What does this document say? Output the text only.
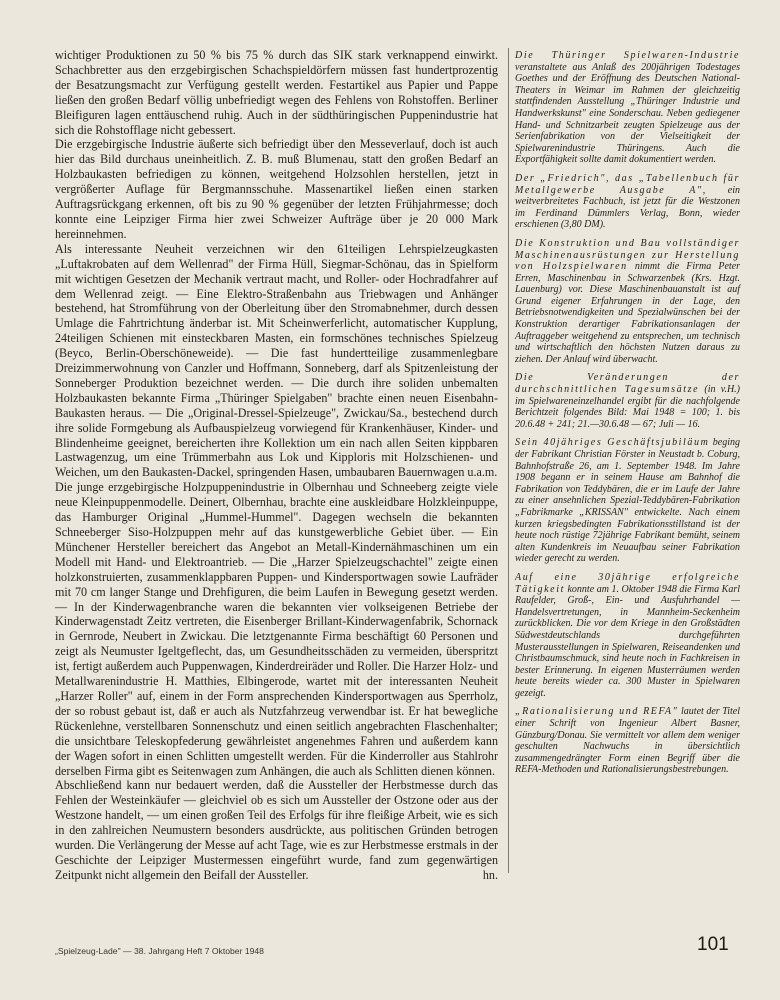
wichtiger Produktionen zu 50 % bis 75 % durch das SIK stark verknappend einwirkt. Schachbretter aus den erzgebirgischen Schachspieldörfern müssen fast hundertprozentig der Besatzungsmacht zur Verfügung gestellt werden. Festartikel aus Papier und Pappe ließen den großen Bedarf völlig unbefriedigt wegen des Fehlens von Rohstoffen. Berliner Bleifiguren lagen enttäuschend ruhig. Auch in der südthüringischen Puppenindustrie hat sich die Rohstofflage nicht gebessert.

Die erzgebirgische Industrie äußerte sich befriedigt über den Messeverlauf, doch ist auch hier das Bild durchaus uneinheitlich. Z. B. muß Blumenau, statt den großen Bedarf an Holzbaukasten befriedigen zu können, weitgehend Holzsohlen herstellen, jetzt in vergrößerter Auflage für Bergmannsschuhe. Massenartikel ließen einen starken Auftragsrückgang erkennen, oft bis zu 90 % gegenüber der letzten Frühjahrmesse; doch konnte eine Leipziger Firma hier zwei Schweizer Aufträge über je 20 000 Mark hereinnehmen.

Als interessante Neuheit verzeichnen wir den 61teiligen Lehrspielzeugkasten „Luftakrobaten auf dem Wellenrad" der Firma Hüll, Siegmar-Schönau, das in Spielform mit wichtigen Gesetzen der Mechanik vertraut macht, und Roller- oder Hochradfahrer auf dem Wellenrad zeigt. — Eine Elektro-Straßenbahn aus Triebwagen und Anhänger bestehend, hat Stromführung von der Oberleitung über den Stromabnehmer, durch dessen Umlage die Fahrtrichtung änderbar ist. Mit Scheinwerferlicht, automatischer Kupplung, 24teiligen Schienen mit einsteckbaren Masten, ein formschönes technisches Spielzeug (Beyco, Berlin-Oberschöneweide). — Die fast hundertteilige zusammenlegbare Dreizimmerwohnung von Canzler und Hoffmann, Sonneberg, darf als Spitzenleistung der Sonneberger Produktion bezeichnet werden. — Die durch ihre soliden unbemalten Holzbaukasten bekannte Firma „Thüringer Spielgaben" brachte einen neuen Eisenbahn-Baukasten heraus. — Die „Original-Dressel-Spielzeuge", Zwickau/Sa., bestechend durch ihre solide Formgebung als Aufbauspielzeug vorwiegend für Krankenhäuser, Kinder- und Blindenheime geeignet, bereicherten ihre Kollektion um ein nach allen Seiten kippbaren Lastwagenzug, um eine Trümmerbahn aus Lok und Kipploris mit Holzschienen- und Weichen, um den Baukasten-Dackel, springenden Hasen, umbaubaren Bauernwagen u.a.m.

Die junge erzgebirgische Holzpuppenindustrie in Olbernhau und Schneeberg zeigte viele neue Kleinpuppenmodelle. Deinert, Olbernhau, brachte eine auskleidbare Holzkleinpuppe, das Hamburger Original „Hummel-Hummel". Dagegen wechseln die bekannten Schneeberger Siso-Holzpuppen mehr auf das kunstgewerbliche Gebiet über. — Ein Münchener Hersteller bereichert das Angebot an Metall-Kindernähmaschinen um ein Modell mit Hand- und Elektroantrieb. — Die „Harzer Spielzeugschachtel" zeigte einen holzkonstruierten, zusammenklappbaren Puppen- und Kindersportwagen sowie Laufräder mit 70 cm langer Stange und Drehfiguren, die beim Laufen in Bewegung gesetzt werden. — In der Kinderwagenbranche waren die bekannten vier volkseigenen Betriebe der Kinderwagenstadt Zeitz vertreten, die Eisenberger Brillant-Kinderwagenfabrik, Schornack in Gernrode, Neubert in Zwickau. Die letztgenannte Firma beschäftigt 60 Personen und zeigt als Neumuster Igeltgeflecht, das, um Gesundheitsschäden zu vermeiden, überspritzt ist, fertigt außerdem auch Puppenwagen, Kinderdreiräder und Roller. Die Harzer Holz- und Metallwarenindustrie H. Matthies, Elbingerode, wartet mit der interessanten Neuheit „Harzer Roller" auf, einem in der Form ansprechenden Kindersportwagen aus Sperrholz, der so robust gebaut ist, daß er auch als Nutzfahrzeug verwendbar ist. Er hat bewegliche Rückenlehne, verstellbaren Sonnenschutz und einen seitlich angebrachten Flaschenhalter; die unsichtbare Teleskopfederung gewährleistet angenehmes Fahren und außerdem kann der Wagen sofort in einen Schlitten umgestellt werden. Für die Kinderroller aus Stahlrohr derselben Firma gibt es Seitenwagen zum Anhängen, die auch als Schlitten dienen können.

Abschließend kann nur bedauert werden, daß die Aussteller der Herbstmesse durch das Fehlen der Westeinkäufer — gleichviel ob es sich um Aussteller der Ostzone oder aus der Westzone handelt, — um einen großen Teil des Erfolgs für ihre fleißige Arbeit, wie es sich in den zahlreichen Neumustern besonders ausdrückte, aus politischen Gründen betrogen wurden. Die Verlängerung der Messe auf acht Tage, wie es zur Herbstmesse erstmals in der Geschichte der Leipziger Mustermessen eingeführt wurde, fand zum gegenwärtigen Zeitpunkt nicht allgemein den Beifall der Aussteller.	hn.

Die Thüringer Spielwaren-Industrie veranstaltete aus Anlaß des 200jährigen Todestages Goethes und der Eröffnung des Deutschen National-Theaters in Weimar im Rahmen der gleichzeitig stattfindenden Ausstellung „Thüringer Industrie und Handwerkskunst" eine Sonderschau. Neben gediegener Hand- und Schnitzarbeit zeugten Spielzeuge aus der Serienfabrikation von der Vielseitigkeit der Spielwarenindustrie Thüringens. Auch die Exportfähigkeit sollte damit dokumentiert werden.

Der „Friedrich", das „Tabellenbuch für Metallgewerbe Ausgabe A", ein weitverbreitetes Fachbuch, ist jetzt für die Westzonen im Ferdinand Dümmlers Verlag, Bonn, wieder erschienen (3,80 DM).

Die Konstruktion und Bau vollständiger Maschinenausrüstungen zur Herstellung von Holzspielwaren nimmt die Firma Peter Erren, Maschinenbau in Schwarzenbek (Krs. Hzgt. Lauenburg) vor. Diese Maschinenbauanstalt ist auf Grund eigener Erfahrungen in der Lage, den Betriebsnotwendigkeiten und Spezialwünschen bei der Konstruktion derartiger Fabrikationsanlagen der Auftraggeber weitgehend zu entsprechen, um technisch und wirtschaftlich den höchsten Nutzen daraus zu ziehen. Der Anlauf wird überwacht.

Die Veränderungen der durchschnittlichen Tagesumsätze (in v.H.) im Spielwareneinzelhandel ergibt für die nachfolgende Berichtzeit folgendes Bild: Mai 1948 = 100; 1. bis 20.6.48 + 241; 21.—30.6.48 — 67; Juli — 16.

Sein 40jähriges Geschäftsjubiläum beging der Fabrikant Christian Förster in Neustadt b. Coburg, Bahnhofstraße 26, am 1. September 1948. Im Jahre 1908 begann er in seinem Hause am Bahnhof die Fabrikation von Teddybären, die er im Laufe der Jahre zu einer ansehnlichen Spezial-Teddybären-Fabrikation „Fabrikmarke „KRISSAN" entwickelte. Nach einem kurzen kriegsbedingten Fabrikationsstillstand ist der heute noch rüstige 72jährige Fabrikant bemüht, seinem alten Kundenkreis im Neuaufbau seiner Fabrikation wieder gerecht zu werden.

Auf eine 30jährige erfolgreiche Tätigkeit konnte am 1. Oktober 1948 die Firma Karl Raufelder, Groß-, Ein- und Ausfuhrhandel — Handelsvertretungen, in Mannheim-Seckenheim zurückblicken. Die vor dem Kriege in den Großstädten Südwestdeutschlands durchgeführten Musterausstellungen in Spielwaren, Reiseandenken und Christbaumschmuck, sind heute noch in Fachkreisen in bester Erinnerung. In eigenen Musterräumen werden heute bereits wieder ca. 300 Muster in Spielwaren gezeigt.

„Rationalisierung und REFA" lautet der Titel einer Schrift von Ingenieur Albert Basner, Günzburg/Donau. Sie vermittelt vor allem dem weniger geschulten Nachwuchs in übersichtlich zusammengedrängter Form einen Begriff über die REFA-Methoden und Rationalisierungsbestrebungen.

„Spielzeug-Lade" — 38. Jahrgang Heft 7 Oktober 1948	101
